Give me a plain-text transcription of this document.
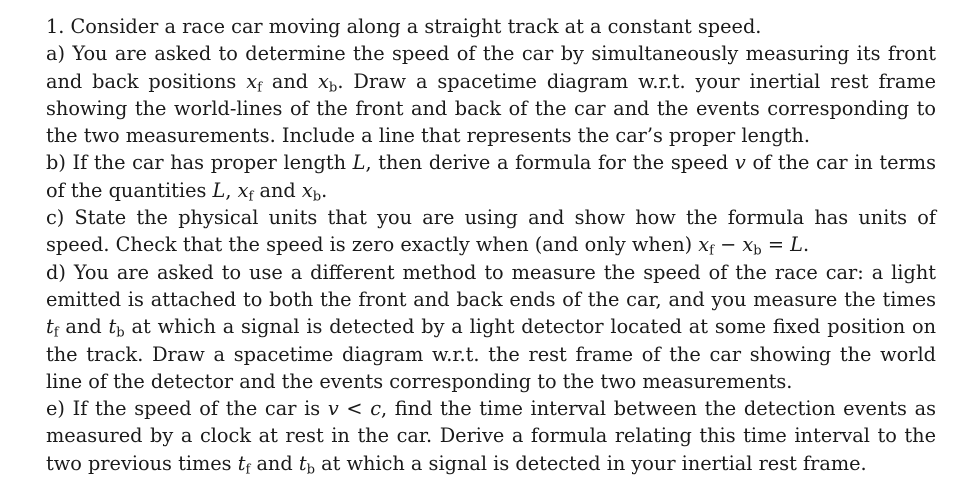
1. Consider a race car moving along a straight track at a constant speed.

a) You are asked to determine the speed of the car by simultaneously measuring its front and back positions $x_f$ and $x_b$. Draw a spacetime diagram w.r.t. your inertial rest frame showing the world-lines of the front and back of the car and the events corresponding to the two measurements. Include a line that represents the car’s proper length.

b) If the car has proper length L, then derive a formula for the speed v of the car in terms of the quantities L, $x_f$ and $x_b$.

c) State the physical units that you are using and show how the formula has units of speed. Check that the speed is zero exactly when (and only when) $x_f - x_b = L$.

d) You are asked to use a different method to measure the speed of the race car: a light emitted is attached to both the front and back ends of the car, and you measure the times $t_f$ and $t_b$ at which a signal is detected by a light detector located at some fixed position on the track. Draw a spacetime diagram w.r.t. the rest frame of the car showing the world line of the detector and the events corresponding to the two measurements.

e) If the speed of the car is v < c, find the time interval between the detection events as measured by a clock at rest in the car. Derive a formula relating this time interval to the two previous times $t_f$ and $t_b$ at which a signal is detected in your inertial rest frame.
